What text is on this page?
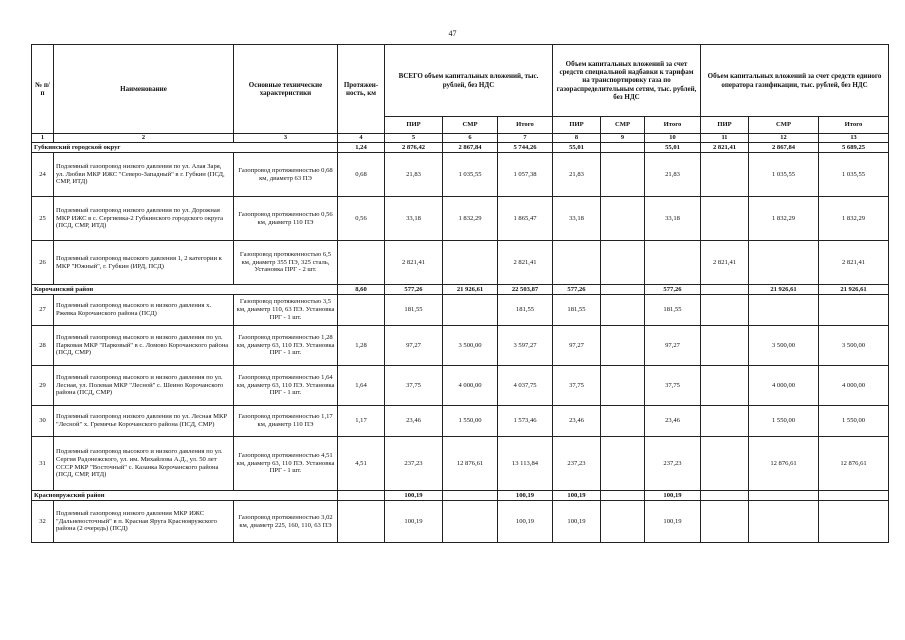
47
№ п/п	Наименование	Основные технические характеристики	Протяжен-ность, км	ВСЕГО объем капитальных вложений, тыс. рублей, без НДС			Объем капитальных вложений за счет средств специальной надбавки к тарифам на транспортировку газа по газораспределительным сетям, тыс. рублей, без НДС			Объем капитальных вложений за счет средств единого оператора газификации, тыс. рублей, без НДС		
				ПИР	СМР	Итого	ПИР	СМР	Итого	ПИР	СМР	Итого
1	2	3	4	5	6	7	8	9	10	11	12	13
Губкинский городской округ			1,24	2 876,42	2 867,84	5 744,26	55,01		55,01	2 821,41	2 867,84	5 689,25
24	Подземный газопровод низкого давления по ул. Алая Заря, ул. Любви МКР ИЖС "Северо-Западный" в г. Губкин (ПСД, СМР, ИТД)	Газопровод протяженностью 0,68 км, диаметр 63 ПЭ	0,68	21,83	1 035,55	1 057,38	21,83		21,83		1 035,55	1 035,55
25	Подземный газопровод низкого давления по ул. Дорожная МКР ИЖС в с. Сергиевка-2 Губкинского городского округа (ПСД, СМР, ИТД)	Газопровод протяженностью 0,56 км, диаметр 110 ПЭ	0,56	33,18	1 832,29	1 865,47	33,18		33,18		1 832,29	1 832,29
26	Подземный газопровод высокого давления 1, 2 категории к МКР "Южный", г. Губкин (ИРД, ПСД)	Газопровод протяженностью 6,5 км, диаметр 355 ПЭ, 325 сталь, Установка ПРГ - 2 шт.		2 821,41		2 821,41				2 821,41		2 821,41
Корочанский район			8,60	577,26	21 926,61	22 503,87	577,26		577,26		21 926,61	21 926,61
27	Подземный газопровод высокого и низкого давления х. Ржевка Корочанского района (ПСД)	Газопровод протяженностью 3,5 км, диаметр 110, 63 ПЭ. Установка ПРГ - 1 шт.		181,55		181,55	181,55		181,55			
28	Подземный газопровод высокого и низкого давления по ул. Парковая МКР "Парковый" в с. Ломово Корочанского района (ПСД, СМР)	Газопровод протяженностью 1,28 км, диаметр 63, 110 ПЭ. Установка ПРГ - 1 шт.	1,28	97,27	3 500,00	3 597,27	97,27		97,27		3 500,00	3 500,00
29	Подземный газопровод высокого и низкого давления по ул. Лесная, ул. Полевая МКР "Лесной" с. Шеино Корочанского района (ПСД, СМР)	Газопровод протяженностью 1,64 км, диаметр 63, 110 ПЭ. Установка ПРГ - 1 шт.	1,64	37,75	4 000,00	4 037,75	37,75		37,75		4 000,00	4 000,00
30	Подземный газопровод низкого давления по ул. Лесная МКР "Лесной" х. Гремячье Корочанского района (ПСД, СМР)	Газопровод протяженностью 1,17 км, диаметр 110 ПЭ	1,17	23,46	1 550,00	1 573,46	23,46		23,46		1 550,00	1 550,00
31	Подземный газопровод высокого и низкого давления по ул. Сергия Радонежского, ул. им. Михайлова А.Д., ул. 50 лет СССР МКР "Восточный" с. Казанка Корочанского района (ПСД, СМР, ИТД)	Газопровод протяженностью 4,51 км, диаметр 63, 110 ПЭ. Установка ПРГ - 1 шт.	4,51	237,23	12 876,61	13 113,84	237,23		237,23		12 876,61	12 876,61
Краснояружский район				100,19		100,19	100,19		100,19			
32	Подземный газопровод низкого давления МКР ИЖС "Дальневосточный" в п. Красная Яруга Краснояружского района (2 очередь) (ПСД)	Газопровод протяженностью 3,02 км, диаметр 225, 160, 110, 63 ПЭ		100,19		100,19	100,19		100,19			
